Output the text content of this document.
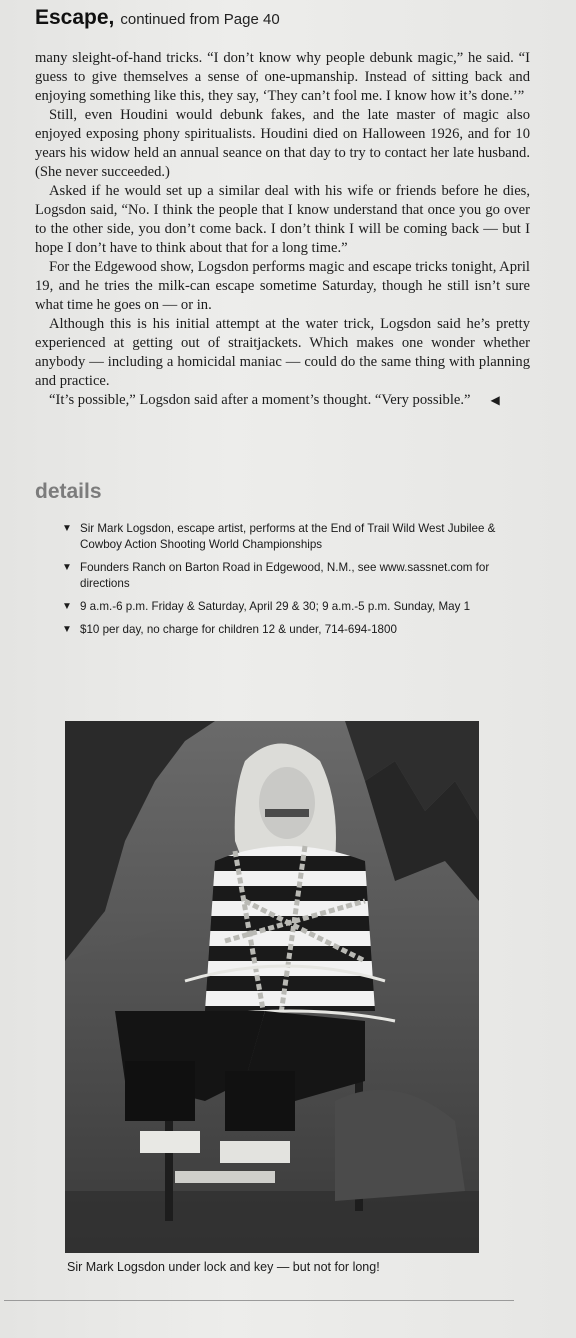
Escape, continued from Page 40

many sleight-of-hand tricks. “I don’t know why people debunk magic,” he said. “I guess to give themselves a sense of one-upmanship. Instead of sitting back and enjoying something like this, they say, ‘They can’t fool me. I know how it’s done.’”

Still, even Houdini would debunk fakes, and the late master of magic also enjoyed exposing phony spiritualists. Houdini died on Halloween 1926, and for 10 years his widow held an annual seance on that day to try to contact her late husband. (She never succeeded.)

Asked if he would set up a similar deal with his wife or friends before he dies, Logsdon said, “No. I think the people that I know understand that once you go over to the other side, you don’t come back. I don’t think I will be coming back — but I hope I don’t have to think about that for a long time.”

For the Edgewood show, Logsdon performs magic and escape tricks tonight, April 19, and he tries the milk-can escape sometime Saturday, though he still isn’t sure what time he goes on — or in.

Although this is his initial attempt at the water trick, Logsdon said he’s pretty experienced at getting out of straitjackets. Which makes one wonder whether anybody — including a homicidal maniac — could do the same thing with planning and practice.

“It’s possible,” Logsdon said after a moment’s thought. “Very possible.” ◀

details
▼ Sir Mark Logsdon, escape artist, performs at the End of Trail Wild West Jubilee & Cowboy Action Shooting World Championships
▼ Founders Ranch on Barton Road in Edgewood, N.M., see www.sassnet.com for directions
▼ 9 a.m.-6 p.m. Friday & Saturday, April 29 & 30; 9 a.m.-5 p.m. Sunday, May 1
▼ $10 per day, no charge for children 12 & under, 714-694-1800
Sir Mark Logsdon under lock and key — but not for long!
